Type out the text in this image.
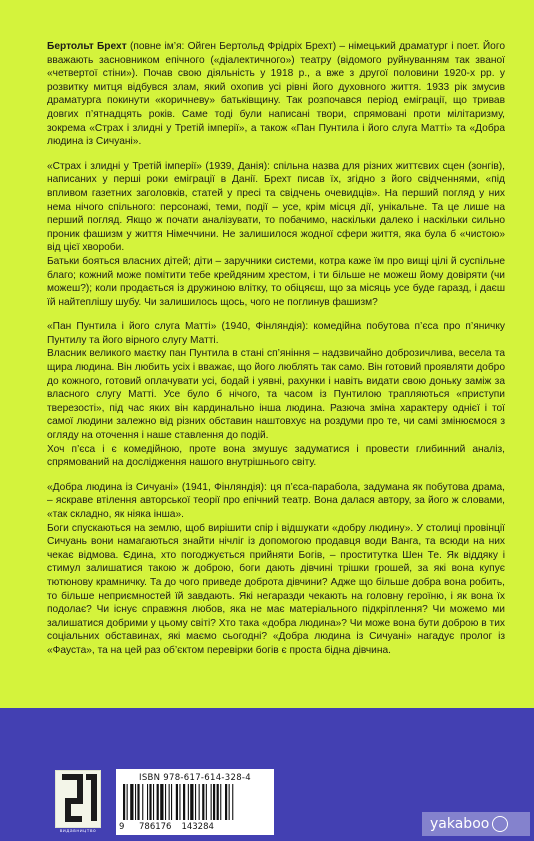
Бертольт Брехт (повне ім’я: Ойген Бертольд Фрідріх Брехт) – німецький драматург і поет. Його вважають засновником епічного («діалектичного») театру (відомого руйнуванням так званої «четвертої стіни»). Почав свою діяльність у 1918 р., а вже з другої половини 1920-х рр. у розвитку митця відбувся злам, який охопив усі рівні його духовного життя. 1933 рік змусив драматурга покинути «коричневу» батьківщину. Так розпочався період еміграції, що тривав довгих п’ятнадцять років. Саме тоді були написані твори, спрямовані проти мілітаризму, зокрема «Страх і злидні у Третій імперії», а також «Пан Пунтила і його слуга Матті» та «Добра людина із Сичуані».

«Страх і злидні у Третій імперії» (1939, Данія): спільна назва для різних життєвих сцен (зонгів), написаних у перші роки еміграції в Данії. Брехт писав їх, згідно з його свідченнями, «під впливом газетних заголовків, статей у пресі та свідчень очевидців». На перший погляд у них нема нічого спільного: персонажі, теми, події – усе, крім місця дії, унікальне. Та це лише на перший погляд. Якщо ж почати аналізувати, то побачимо, наскільки далеко і наскільки сильно проник фашизм у життя Німеччини. Не залишилося жодної сфери життя, яка була б «чистою» від цієї хвороби.

Батьки бояться власних дітей; діти – заручники системи, котра каже їм про вищі цілі й суспільне благо; кожний може помітити тебе крейдяним хрестом, і ти більше не можеш йому довіряти (чи можеш?); коли продається із дружиною влітку, то обіцяєш, що за місяць усе буде гаразд, і даєш їй найтеплішу шубу. Чи залишилось щось, чого не поглинув фашизм?

«Пан Пунтила і його слуга Матті» (1940, Фінляндія): комедійна побутова п’єса про п’яничку Пунтилу та його вірного слугу Матті.

Власник великого маєтку пан Пунтила в стані сп’яніння – надзвичайно доброзичлива, весела та щира людина. Він любить усіх і вважає, що його люблять так само. Він готовий проявляти добро до кожного, готовий оплачувати усі, бодай і уявні, рахунки і навіть видати свою доньку заміж за власного слугу Матті. Усе було б нічого, та часом із Пунтилою трапляються «приступи тверезості», під час яких він кардинально інша людина. Разюча зміна характеру однієї і тої самої людини залежно від різних обставин наштовхує на роздуми про те, чи самі змінюємося з огляду на оточення і наше ставлення до подій.

Хоч п’єса і є комедійною, проте вона змушує задуматися і провести глибинний аналіз, спрямований на дослідження нашого внутрішнього світу.

«Добра людина із Сичуані» (1941, Фінляндія): ця п’єса-парабола, задумана як побутова драма, – яскраве втілення авторської теорії про епічний театр. Вона далася автору, за його ж словами, «так складно, як ніяка інша».

Боги спускаються на землю, щоб вирішити спір і відшукати «добру людину». У столиці провінції Сичуань вони намагаються знайти нічліг із допомогою продавця води Ванга, та всюди на них чекає відмова. Єдина, хто погоджується прийняти Богів, – проститутка Шен Те. Як віддяку і стимул залишатися такою ж доброю, боги дають дівчині трішки грошей, за які вона купує тютюнову крамничку. Та до чого приведе доброта дівчини? Адже що більше добра вона робить, то більше неприємностей їй завдають. Які негаразди чекають на головну героїню, і як вона їх подолає? Чи існує справжня любов, яка не має матеріального підкріплення? Чи можемо ми залишатися добрими у цьому світі? Хто така «добра людина»? Чи може вона бути доброю в тих соціальних обставинах, які маємо сьогодні? «Добра людина із Сичуані» нагадує пролог із «Фауста», та на цей раз об’єктом перевірки богів є проста бідна дівчина.

видавництво
ISBN 978-617-614-328-4
9	786176 143284	yakaboo
